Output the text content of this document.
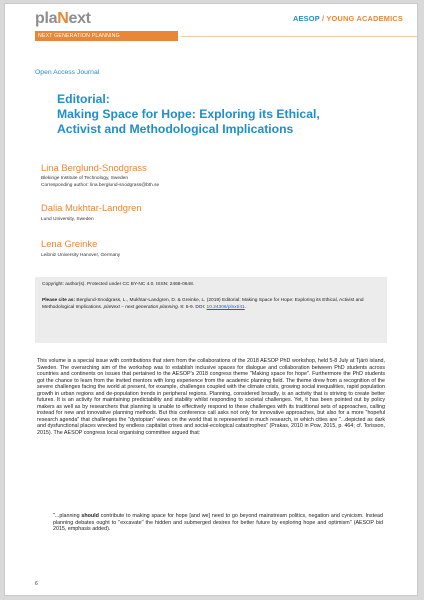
plaNext
NEXT GENERATION PLANNING
AESOP / YOUNG ACADEMICS
Open Access Journal
Editorial:
Making Space for Hope: Exploring its Ethical,
Activist and Methodological Implications
Lina Berglund-Snodgrass
Blekinge Institute of Technology, Sweden
Corresponding author: lina.berglund-snodgrass@bth.se
Dalia Mukhtar-Landgren
Lund University, Sweden
Lena Greinke
Leibniz University Hanover, Germany
Copyright: author(s). Protected under CC BY-NC 4.0. ISSN: 2468-0648.
Please cite as: Berglund-Snodgrass, L., Mukhtar-Landgren, D. & Greinke, L. (2019) Editorial: Making Space for Hope: Exploring its Ethical, Activist and Methodological Implications. plaNext – next generation planning. 8: 6-9. DOI: 10.24306/plnxt/41.
This volume is a special issue with contributions that stem from the collaborations of the 2018 AESOP PhD workshop, held 5-8 July at Tjärö island, Sweden. The overarching aim of the workshop was to establish inclusive spaces for dialogue and collaboration between PhD students across countries and continents on issues that pertained to the AESOP's 2018 congress theme "Making space for hope". Furthermore the PhD students got the chance to learn from the invited mentors with long experience from the academic planning field. The theme drew from a recognition of the severe challenges facing the world at present, for example, challenges coupled with the climate crisis, growing social inequalities, rapid population growth in urban regions and de-population trends in peripheral regions. Planning, considered broadly, is an activity that is striving to create better futures. It is an activity for maintaining predictability and stability whilst responding to societal challenges. Yet, it has been pointed out by policy makers as well as by researchers that planning is unable to effectively respond to these challenges with its traditional sets of approaches, calling instead for new and innovative planning methods. But this conference call asks not only for innovative approaches, but also for a more "hopeful research agenda" that challenges the "dystopian" views on the world that is represented in much research, in which cities are "...depicted as dark and dysfunctional places wrecked by endless capitalist crises and social-ecological catastrophes" (Prakas, 2010 in Pow, 2015, p. 464; cf. Torisson, 2015). The AESOP congress local organising committee argued that:
"...planning should contribute to making space for hope [and we] need to go beyond mainstream politics, negation and cynicism. Instead planning debates ought to "excavate" the hidden and submerged desires for better future by exploring hope and optimism" (AESOP bid 2015, emphasis added).
6
